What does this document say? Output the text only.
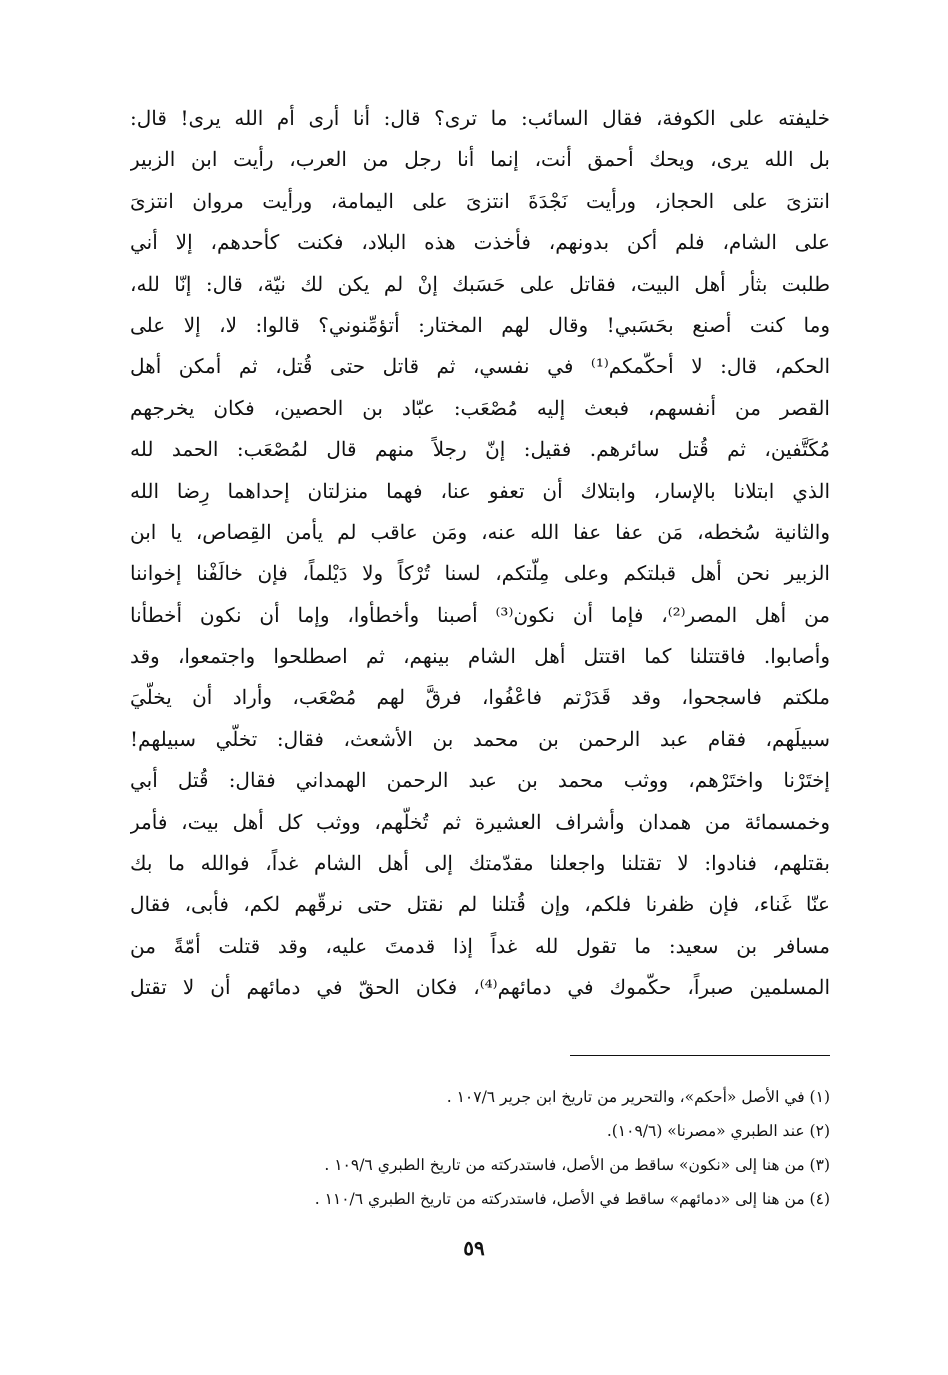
خليفته على الكوفة، فقال السائب: ما ترى؟ قال: أنا أرى أم الله يرى! قال:
بل الله يرى، ويحك أحمق أنت، إنما أنا رجل من العرب، رأيت ابن الزبير
انتزىَ على الحجاز، ورأيت نَجْدَةَ انتزىَ على اليمامة، ورأيت مروان انتزىَ
على الشام، فلم أكن بدونهم، فأخذت هذه البلاد، فكنت كأحدهم، إلا أني
طلبت بثأر أهل البيت، فقاتل على حَسَبك إنْ لم يكن لك نيّة، قال: إنّا لله،
وما كنت أصنع بحَسَبي! وقال لهم المختار: أتؤمِّنوني؟ قالوا: لا، إلا على
الحكم، قال: لا أحكّمكم⁽¹⁾ في نفسي، ثم قاتل حتى قُتل، ثم أمكن أهل
القصر من أنفسهم، فبعث إليه مُصْعَب: عبّاد بن الحصين، فكان يخرجهم
مُكَتَّفين، ثم قُتل سائرهم. فقيل: إنّ رجلاً منهم قال لمُصْعَب: الحمد لله
الذي ابتلانا بالإسار، وابتلاك أن تعفو عنا، فهما منزلتان إحداهما رِضا الله
والثانية سُخطه، مَن عفا عفا الله عنه، ومَن عاقب لم يأمن القِصاص، يا ابن
الزبير نحن أهل قبلتكم وعلى مِلّتكم، لسنا تُرْكاً ولا دَيْلماً، فإن خالَفْنا إخواننا
من أهل المصر⁽²⁾، فإما أن نكون⁽³⁾ أصبنا وأخطأوا، وإما أن نكون أخطأنا
وأصابوا. فاقتتلنا كما اقتتل أهل الشام بينهم، ثم اصطلحوا واجتمعوا، وقد
ملكتم فاسجحوا، وقد قَدَرْتم فاعْفُوا، فرقَّ لهم مُصْعَب، وأراد أن يخلّيَ
سبيلَهم، فقام عبد الرحمن بن محمد بن الأشعث، فقال: تخلّي سبيلهم!
إختَرْنا واختَرْهم، ووثب محمد بن عبد الرحمن الهمداني فقال: قُتل أبي
وخمسمائة من همدان وأشراف العشيرة ثم تُخلّهم، ووثب كل أهل بيت، فأمر
بقتلهم، فنادوا: لا تقتلنا واجعلنا مقدّمتك إلى أهل الشام غداً، فوالله ما بك
عنّا غَناء، فإن ظفرنا فلكم، وإن قُتلنا لم نقتل حتى نرقّهم لكم، فأبى، فقال
مسافر بن سعيد: ما تقول لله غداً إذا قدمتَ عليه، وقد قتلت أمّةً من
المسلمين صبراً، حكّموك في دمائهم⁽⁴⁾، فكان الحقّ في دمائهم أن لا تقتل
(١) في الأصل «أحكم»، والتحرير من تاريخ ابن جرير ١٠٧/٦ .
(٢) عند الطبري «مصرنا» (١٠٩/٦).
(٣) من هنا إلى «نكون» ساقط من الأصل، فاستدركته من تاريخ الطبري ١٠٩/٦ .
(٤) من هنا إلى «دمائهم» ساقط في الأصل، فاستدركته من تاريخ الطبري ١١٠/٦ .
٥٩
